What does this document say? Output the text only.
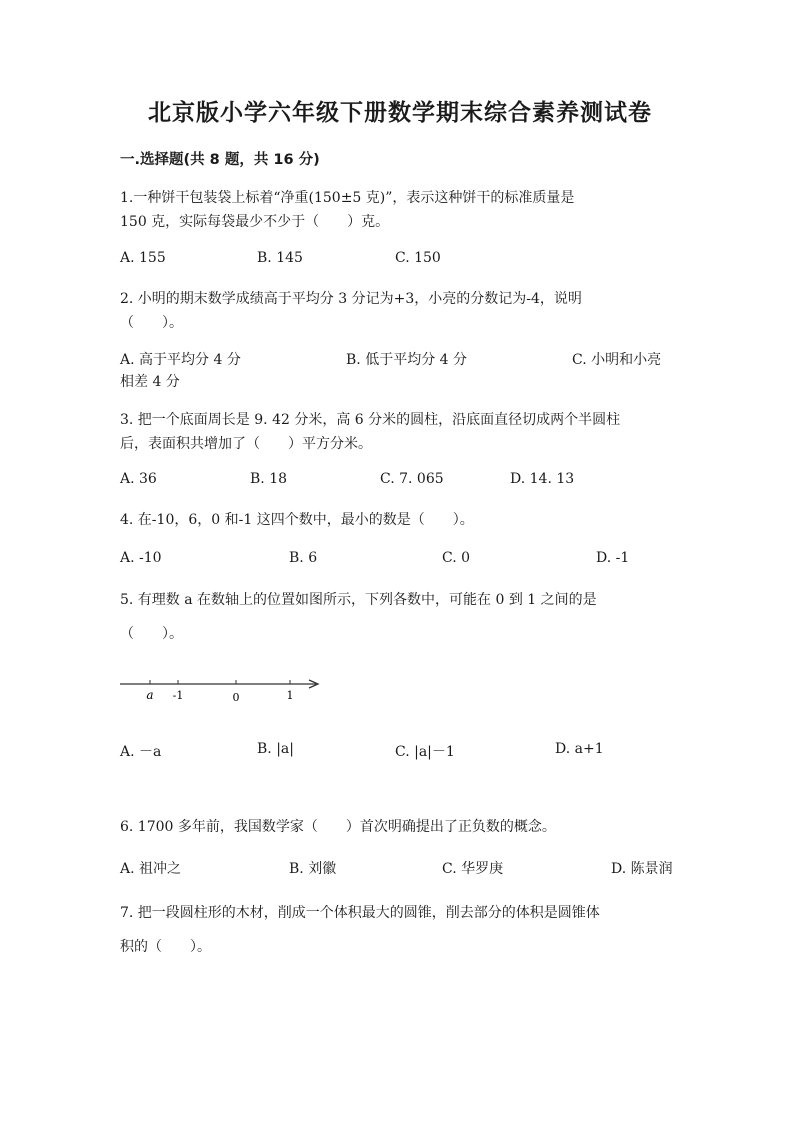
北京版小学六年级下册数学期末综合素养测试卷
一.选择题(共 8 题，共 16 分)
1.一种饼干包装袋上标着“净重(150±5 克)”，表示这种饼干的标准质量是
150 克，实际每袋最少不少于（　　）克。
A. 155	B. 145	C. 150
2. 小明的期末数学成绩高于平均分 3 分记为+3，小亮的分数记为-4，说明
（　　）。
A. 高于平均分 4 分	B. 低于平均分 4 分	C. 小明和小亮
相差 4 分
3. 把一个底面周长是 9. 42 分米，高 6 分米的圆柱，沿底面直径切成两个半圆柱
后，表面积共增加了（　　）平方分米。
A. 36	B. 18	C. 7. 065	D. 14. 13
4. 在-10，6，0 和-1 这四个数中，最小的数是（　　）。
A. -10	B. 6	C. 0	D. -1
5. 有理数 a 在数轴上的位置如图所示，下列各数中，可能在 0 到 1 之间的是
（　　）。
a -1	0	1
A. －a	B. |a|	C. |a|－1	D. a+1
6. 1700 多年前，我国数学家（　　）首次明确提出了正负数的概念。
A. 祖冲之	B. 刘徽	C. 华罗庚	D. 陈景润
7. 把一段圆柱形的木材，削成一个体积最大的圆锥，削去部分的体积是圆锥体
积的（　　）。
